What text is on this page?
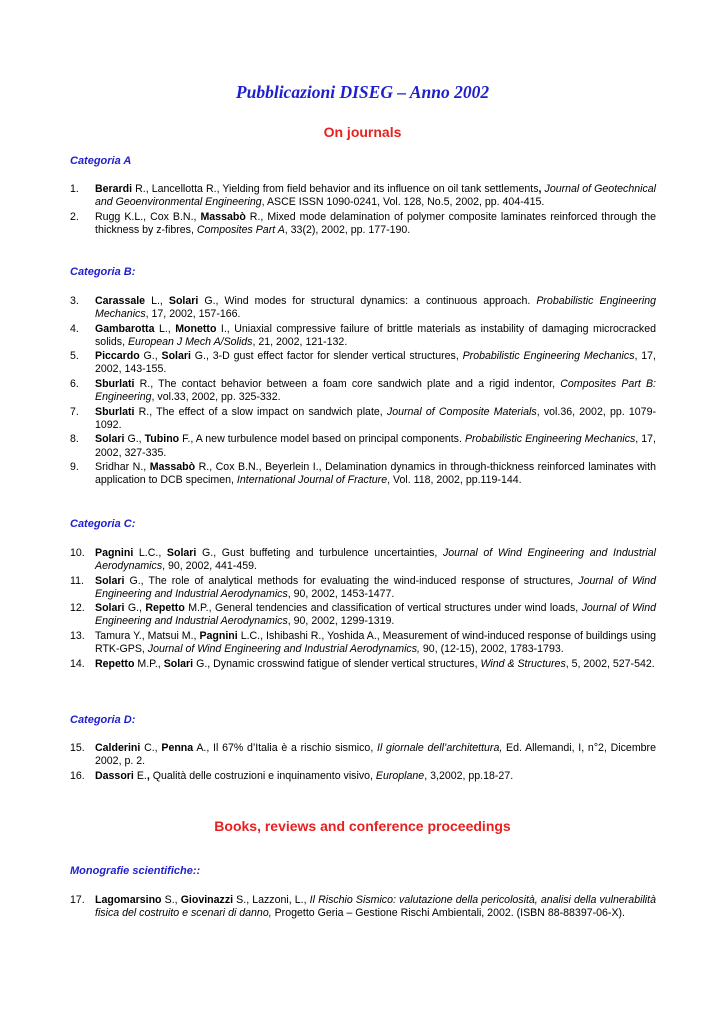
Pubblicazioni DISEG – Anno 2002
On journals
Categoria A
1. Berardi R., Lancellotta R., Yielding from field behavior and its influence on oil tank settlements, Journal of Geotechnical and Geoenvironmental Engineering, ASCE ISSN 1090-0241, Vol. 128, No.5, 2002, pp. 404-415.
2. Rugg K.L., Cox B.N., Massabò R., Mixed mode delamination of polymer composite laminates reinforced through the thickness by z-fibres, Composites Part A, 33(2), 2002, pp. 177-190.
Categoria B:
3. Carassale L., Solari G., Wind modes for structural dynamics: a continuous approach. Probabilistic Engineering Mechanics, 17, 2002, 157-166.
4. Gambarotta L., Monetto I., Uniaxial compressive failure of brittle materials as instability of damaging microcracked solids, European J Mech A/Solids, 21, 2002, 121-132.
5. Piccardo G., Solari G., 3-D gust effect factor for slender vertical structures, Probabilistic Engineering Mechanics, 17, 2002, 143-155.
6. Sburlati R., The contact behavior between a foam core sandwich plate and a rigid indentor, Composites Part B: Engineering, vol.33, 2002, pp. 325-332.
7. Sburlati R., The effect of a slow impact on sandwich plate, Journal of Composite Materials, vol.36, 2002, pp. 1079-1092.
8. Solari G., Tubino F., A new turbulence model based on principal components. Probabilistic Engineering Mechanics, 17, 2002, 327-335.
9. Sridhar N., Massabò R., Cox B.N., Beyerlein I., Delamination dynamics in through-thickness reinforced laminates with application to DCB specimen, International Journal of Fracture, Vol. 118, 2002, pp.119-144.
Categoria C:
10. Pagnini L.C., Solari G., Gust buffeting and turbulence uncertainties, Journal of Wind Engineering and Industrial Aerodynamics, 90, 2002, 441-459.
11. Solari G., The role of analytical methods for evaluating the wind-induced response of structures, Journal of Wind Engineering and Industrial Aerodynamics, 90, 2002, 1453-1477.
12. Solari G., Repetto M.P., General tendencies and classification of vertical structures under wind loads, Journal of Wind Engineering and Industrial Aerodynamics, 90, 2002, 1299-1319.
13. Tamura Y., Matsui M., Pagnini L.C., Ishibashi R., Yoshida A., Measurement of wind-induced response of buildings using RTK-GPS, Journal of Wind Engineering and Industrial Aerodynamics, 90, (12-15), 2002, 1783-1793.
14. Repetto M.P., Solari G., Dynamic crosswind fatigue of slender vertical structures, Wind & Structures, 5, 2002, 527-542.
Categoria D:
15. Calderini C., Penna A., Il 67% d’Italia è a rischio sismico, Il giornale dell’architettura, Ed. Allemandi, I, n°2, Dicembre 2002, p. 2.
16. Dassori E., Qualità delle costruzioni e inquinamento visivo, Europlane, 3,2002, pp.18-27.
Books, reviews and conference proceedings
Monografie scientifiche::
17. Lagomarsino S., Giovinazzi S., Lazzoni, L., Il Rischio Sismico: valutazione della pericolosità, analisi della vulnerabilità fisica del costruito e scenari di danno, Progetto Geria – Gestione Rischi Ambientali, 2002. (ISBN 88-88397-06-X).
